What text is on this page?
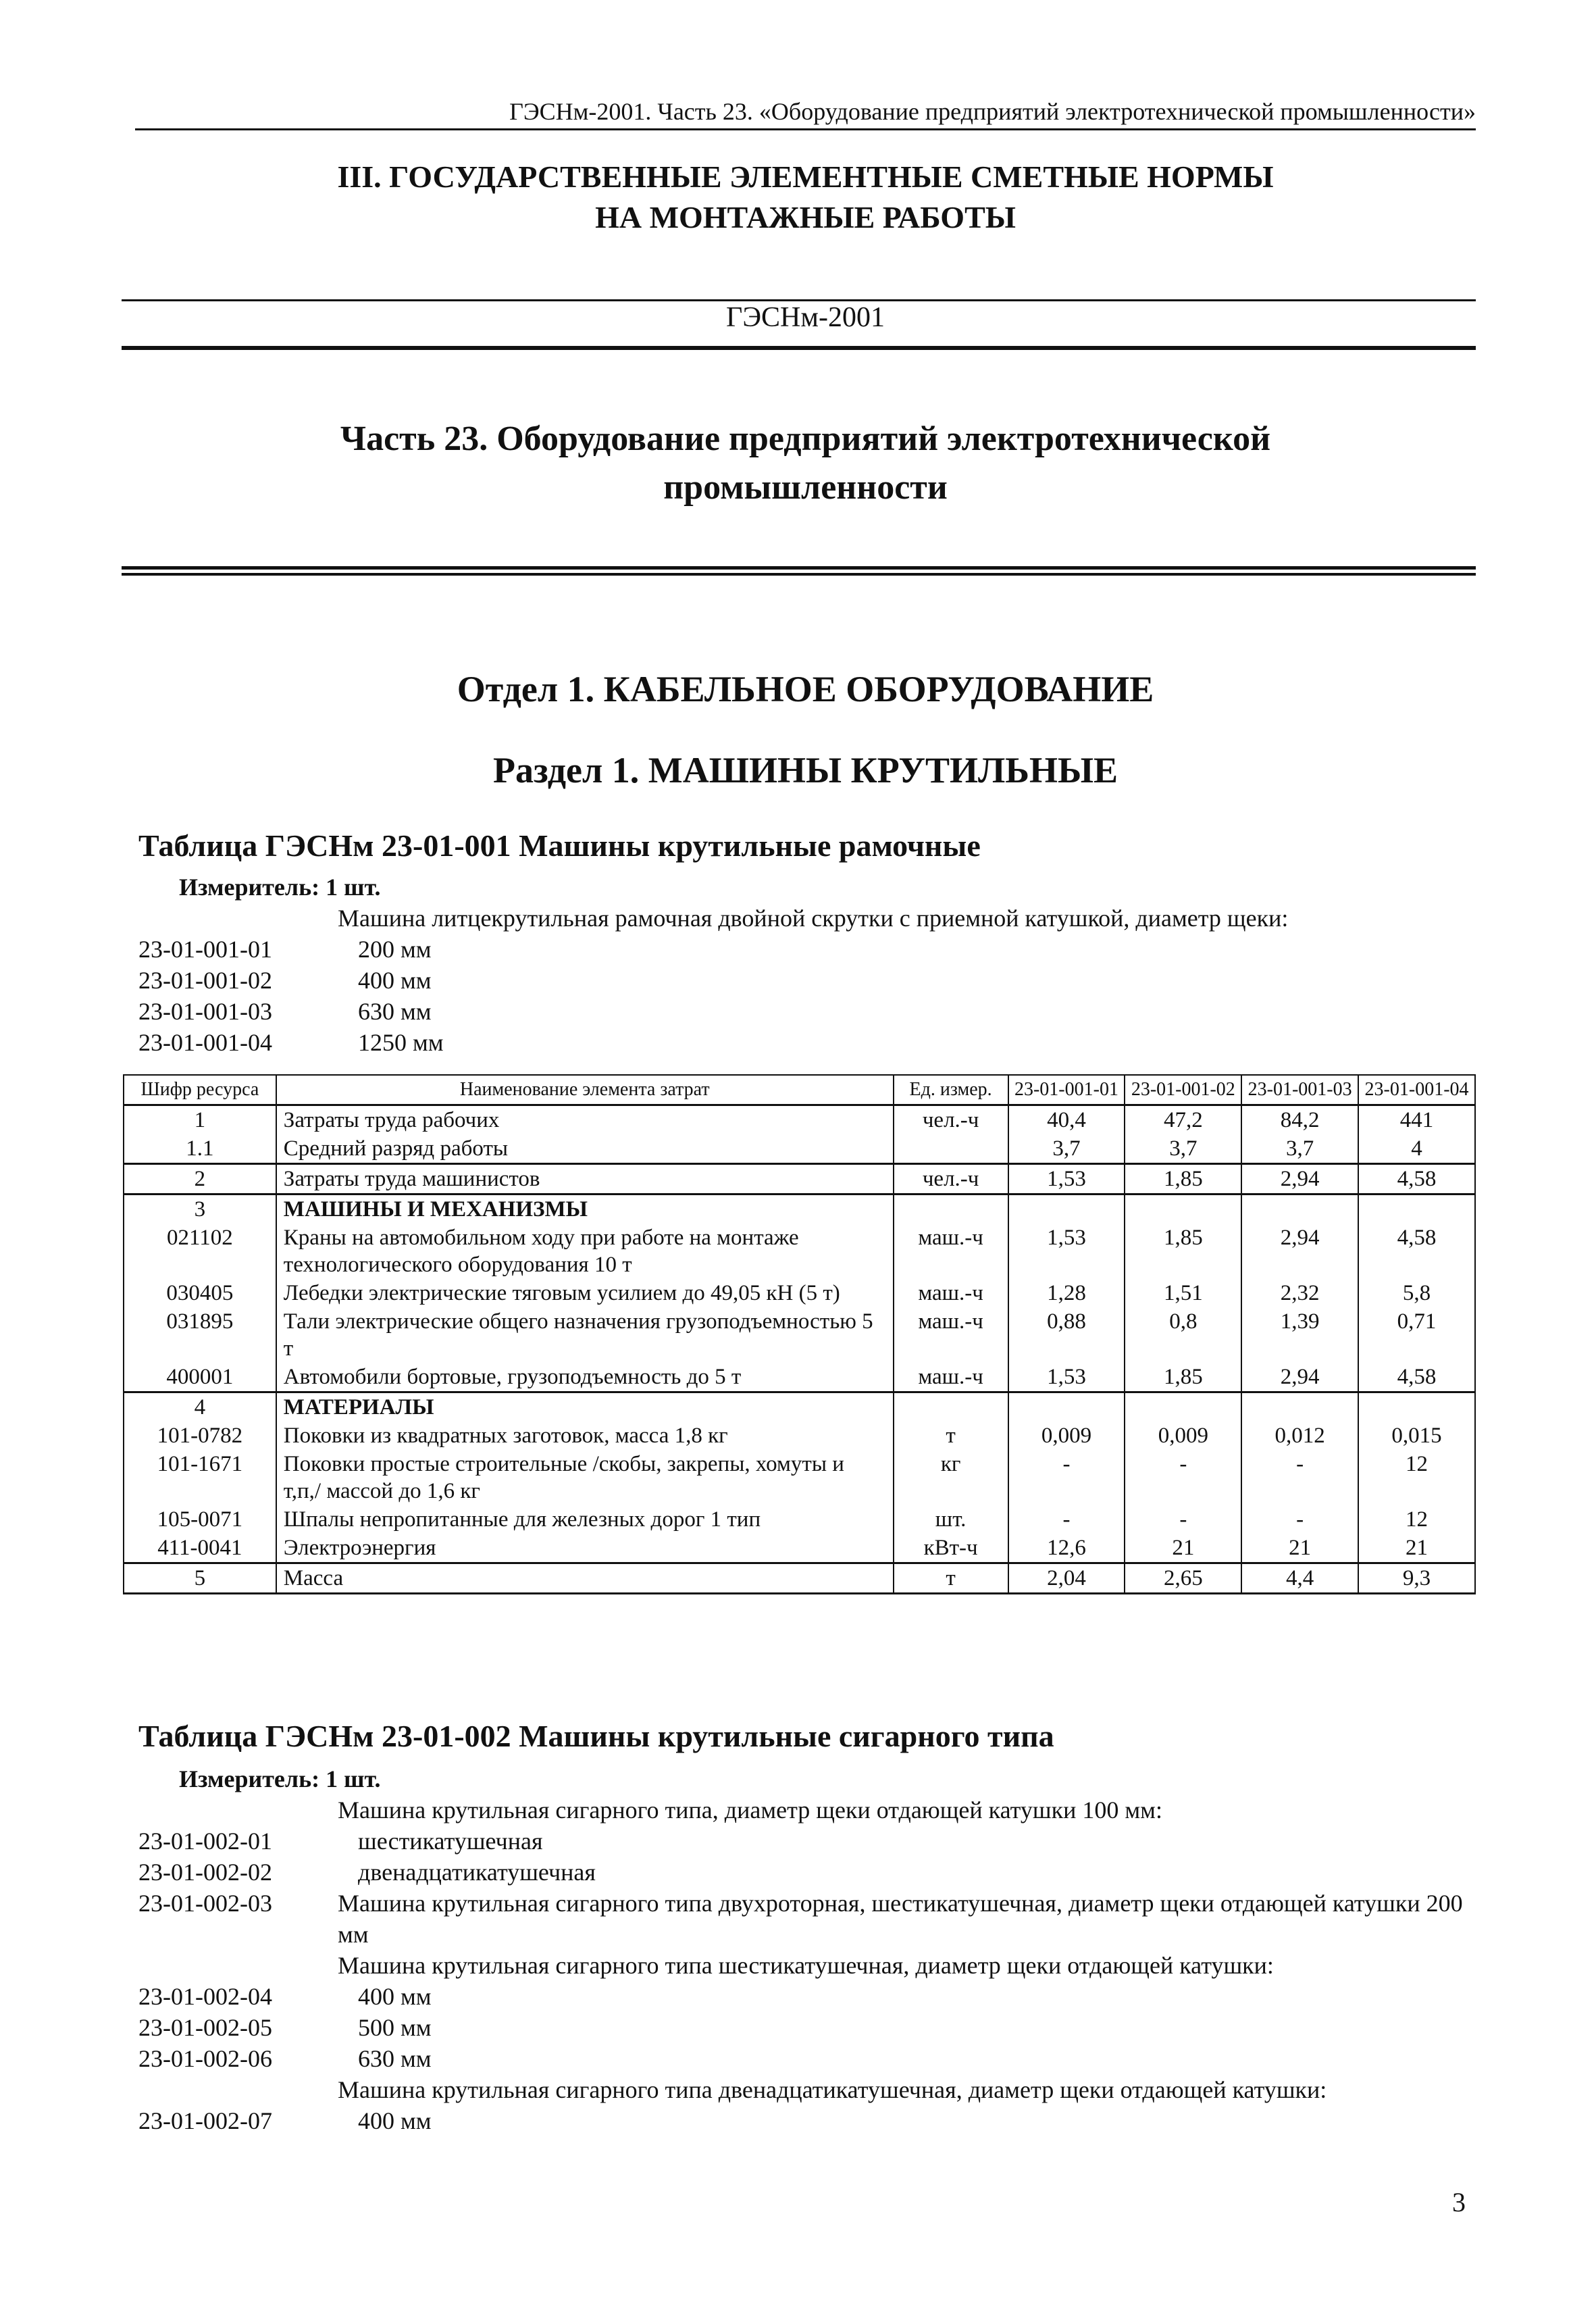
ГЭСНм-2001. Часть 23. «Оборудование предприятий электротехнической промышленности»
III. ГОСУДАРСТВЕННЫЕ ЭЛЕМЕНТНЫЕ СМЕТНЫЕ НОРМЫ
НА МОНТАЖНЫЕ РАБОТЫ
ГЭСНм-2001
Часть 23. Оборудование предприятий электротехнической
промышленности
Отдел 1. КАБЕЛЬНОЕ ОБОРУДОВАНИЕ
Раздел 1. МАШИНЫ КРУТИЛЬНЫЕ
Таблица ГЭСНм 23-01-001 Машины крутильные рамочные
Измеритель: 1 шт.
Машина литцекрутильная рамочная двойной скрутки с приемной катушкой, диаметр щеки:
23-01-001-01	200 мм
23-01-001-02	400 мм
23-01-001-03	630 мм
23-01-001-04	1250 мм
Шифр ресурса	Наименование элемента затрат	Ед. измер.	23-01-001-01	23-01-001-02	23-01-001-03	23-01-001-04
1	Затраты труда рабочих	чел.-ч	40,4	47,2	84,2	441
1.1	Средний разряд работы		3,7	3,7	3,7	4
2	Затраты труда машинистов	чел.-ч	1,53	1,85	2,94	4,58
3	МАШИНЫ И МЕХАНИЗМЫ					
021102	Краны на автомобильном ходу при работе на монтаже технологического оборудования 10 т	маш.-ч	1,53	1,85	2,94	4,58
030405	Лебедки электрические тяговым усилием до 49,05 кН (5 т)	маш.-ч	1,28	1,51	2,32	5,8
031895	Тали электрические общего назначения грузоподъемностью 5 т	маш.-ч	0,88	0,8	1,39	0,71
400001	Автомобили бортовые, грузоподъемность до 5 т	маш.-ч	1,53	1,85	2,94	4,58
4	МАТЕРИАЛЫ					
101-0782	Поковки из квадратных заготовок, масса 1,8 кг	т	0,009	0,009	0,012	0,015
101-1671	Поковки простые строительные /скобы, закрепы, хомуты и т,п,/ массой до 1,6 кг	кг	-	-	-	12
105-0071	Шпалы непропитанные для железных дорог 1 тип	шт.	-	-	-	12
411-0041	Электроэнергия	кВт-ч	12,6	21	21	21
5	Масса	т	2,04	2,65	4,4	9,3
Таблица ГЭСНм 23-01-002 Машины крутильные сигарного типа
Измеритель: 1 шт.
Машина крутильная сигарного типа, диаметр щеки отдающей катушки 100 мм:
23-01-002-01	шестикатушечная
23-01-002-02	двенадцатикатушечная
23-01-002-03	Машина крутильная сигарного типа двухроторная, шестикатушечная, диаметр щеки отдающей катушки 200 мм
Машина крутильная сигарного типа шестикатушечная, диаметр щеки отдающей катушки:
23-01-002-04	400 мм
23-01-002-05	500 мм
23-01-002-06	630 мм
Машина крутильная сигарного типа двенадцатикатушечная, диаметр щеки отдающей катушки:
23-01-002-07	400 мм
3
